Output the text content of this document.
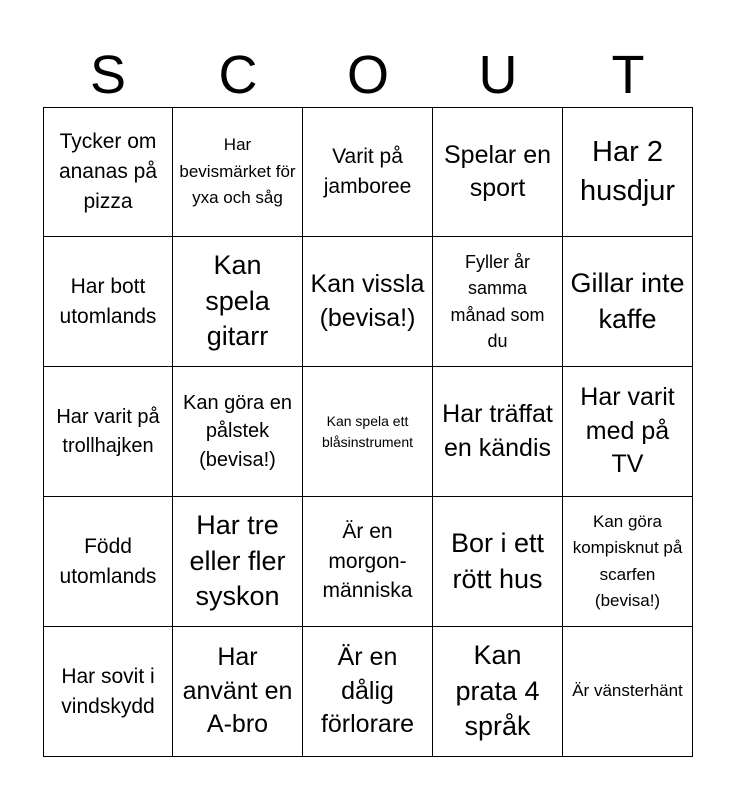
S	C	O	U	T
Tycker om ananas på pizza
Har bevismärket för yxa och såg
Varit på jamboree
Spelar en sport
Har 2 husdjur
Har bott utomlands
Kan spela gitarr
Kan vissla (bevisa!)
Fyller år samma månad som du
Gillar inte kaffe
Har varit på trollhajken
Kan göra en pålstek (bevisa!)
Kan spela ett blåsinstrument
Har träffat en kändis
Har varit med på TV
Född utomlands
Har tre eller fler syskon
Är en morgon-människa
Bor i ett rött hus
Kan göra kompisknut på scarfen (bevisa!)
Har sovit i vindskydd
Har använt en A-bro
Är en dålig förlorare
Kan prata 4 språk
Är vänsterhänt
